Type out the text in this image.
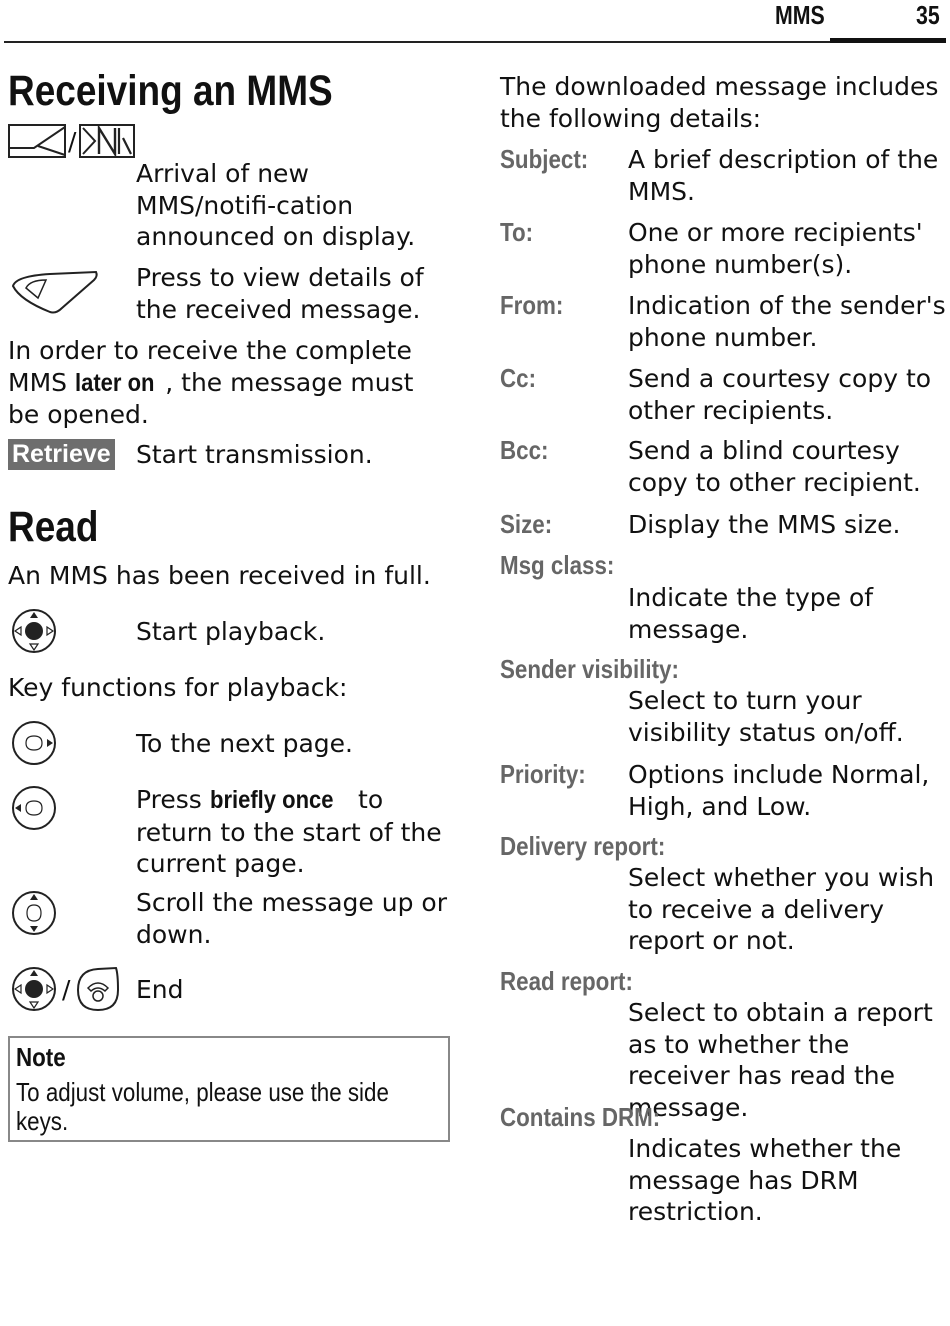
MMS	35
Receiving an MMS
/
Arrival of new MMS/notifi-cation announced on display.
Press to view details of the received message.
In order to receive the complete MMS later on , the message must be opened.
Retrieve Start transmission.
Read
An MMS has been received in full.
Start playback.
Key functions for playback:
To the next page.
Press briefly once to return to the start of the current page.
Scroll the message up or down.
/	End
Note
To adjust volume, please use the side keys.
The downloaded message includes the following details:
Subject: A brief description of the MMS.
To:	One or more recipients' phone number(s).
From:	Indication of the sender's phone number.
Cc:	Send a courtesy copy to other recipients.
Bcc:	Send a blind courtesy copy to other recipient.
Size:	Display the MMS size.
Msg class:
Indicate the type of message.
Sender visibility:
Select to turn your visibility status on/off.
Priority: Options include Normal, High, and Low.
Delivery report:
Select whether you wish to receive a delivery report or not.
Read report:
Select to obtain a report as to whether the receiver has read the message.
Contains DRM:
Indicates whether the message has DRM restriction.
